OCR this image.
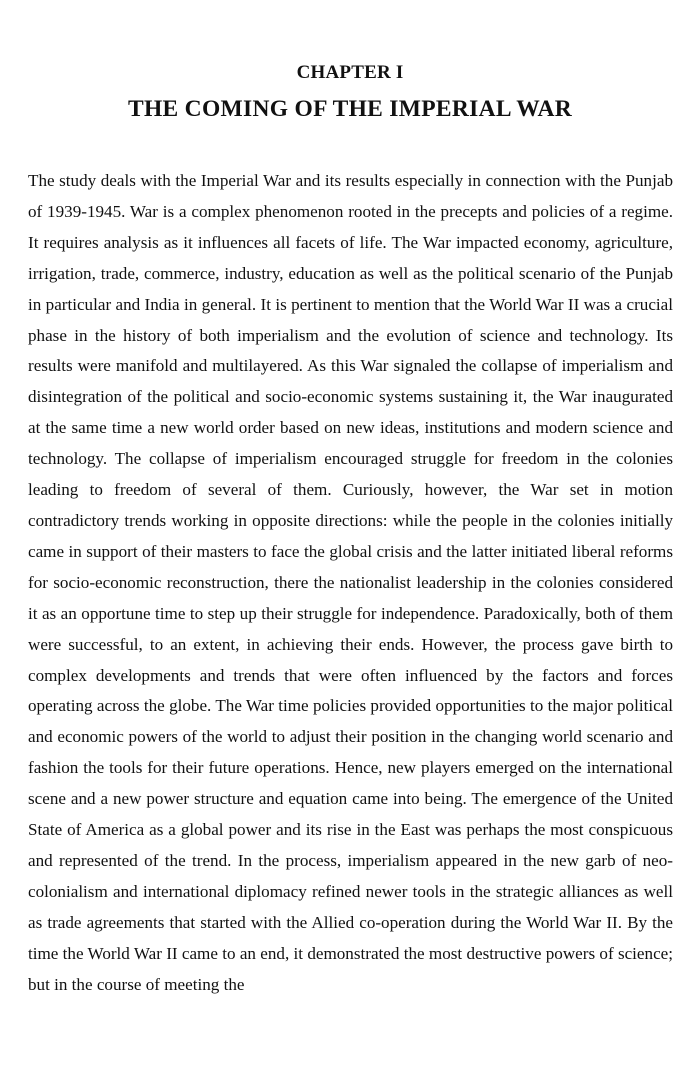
CHAPTER I
THE COMING OF THE IMPERIAL WAR

The study deals with the Imperial War and its results especially in connection with the Punjab of 1939-1945. War is a complex phenomenon rooted in the precepts and policies of a regime. It requires analysis as it influences all facets of life. The War impacted economy, agriculture, irrigation, trade, commerce, industry, education as well as the political scenario of the Punjab in particular and India in general. It is pertinent to mention that the World War II was a crucial phase in the history of both imperialism and the evolution of science and technology. Its results were manifold and multilayered. As this War signaled the collapse of imperialism and disintegration of the political and socio-economic systems sustaining it, the War inaugurated at the same time a new world order based on new ideas, institutions and modern science and technology. The collapse of imperialism encouraged struggle for freedom in the colonies leading to freedom of several of them. Curiously, however, the War set in motion contradictory trends working in opposite directions: while the people in the colonies initially came in support of their masters to face the global crisis and the latter initiated liberal reforms for socio-economic reconstruction, there the nationalist leadership in the colonies considered it as an opportune time to step up their struggle for independence. Paradoxically, both of them were successful, to an extent, in achieving their ends. However, the process gave birth to complex developments and trends that were often influenced by the factors and forces operating across the globe. The War time policies provided opportunities to the major political and economic powers of the world to adjust their position in the changing world scenario and fashion the tools for their future operations. Hence, new players emerged on the international scene and a new power structure and equation came into being. The emergence of the United State of America as a global power and its rise in the East was perhaps the most conspicuous and represented of the trend. In the process, imperialism appeared in the new garb of neo-colonialism and international diplomacy refined newer tools in the strategic alliances as well as trade agreements that started with the Allied co-operation during the World War II. By the time the World War II came to an end, it demonstrated the most destructive powers of science; but in the course of meeting the
